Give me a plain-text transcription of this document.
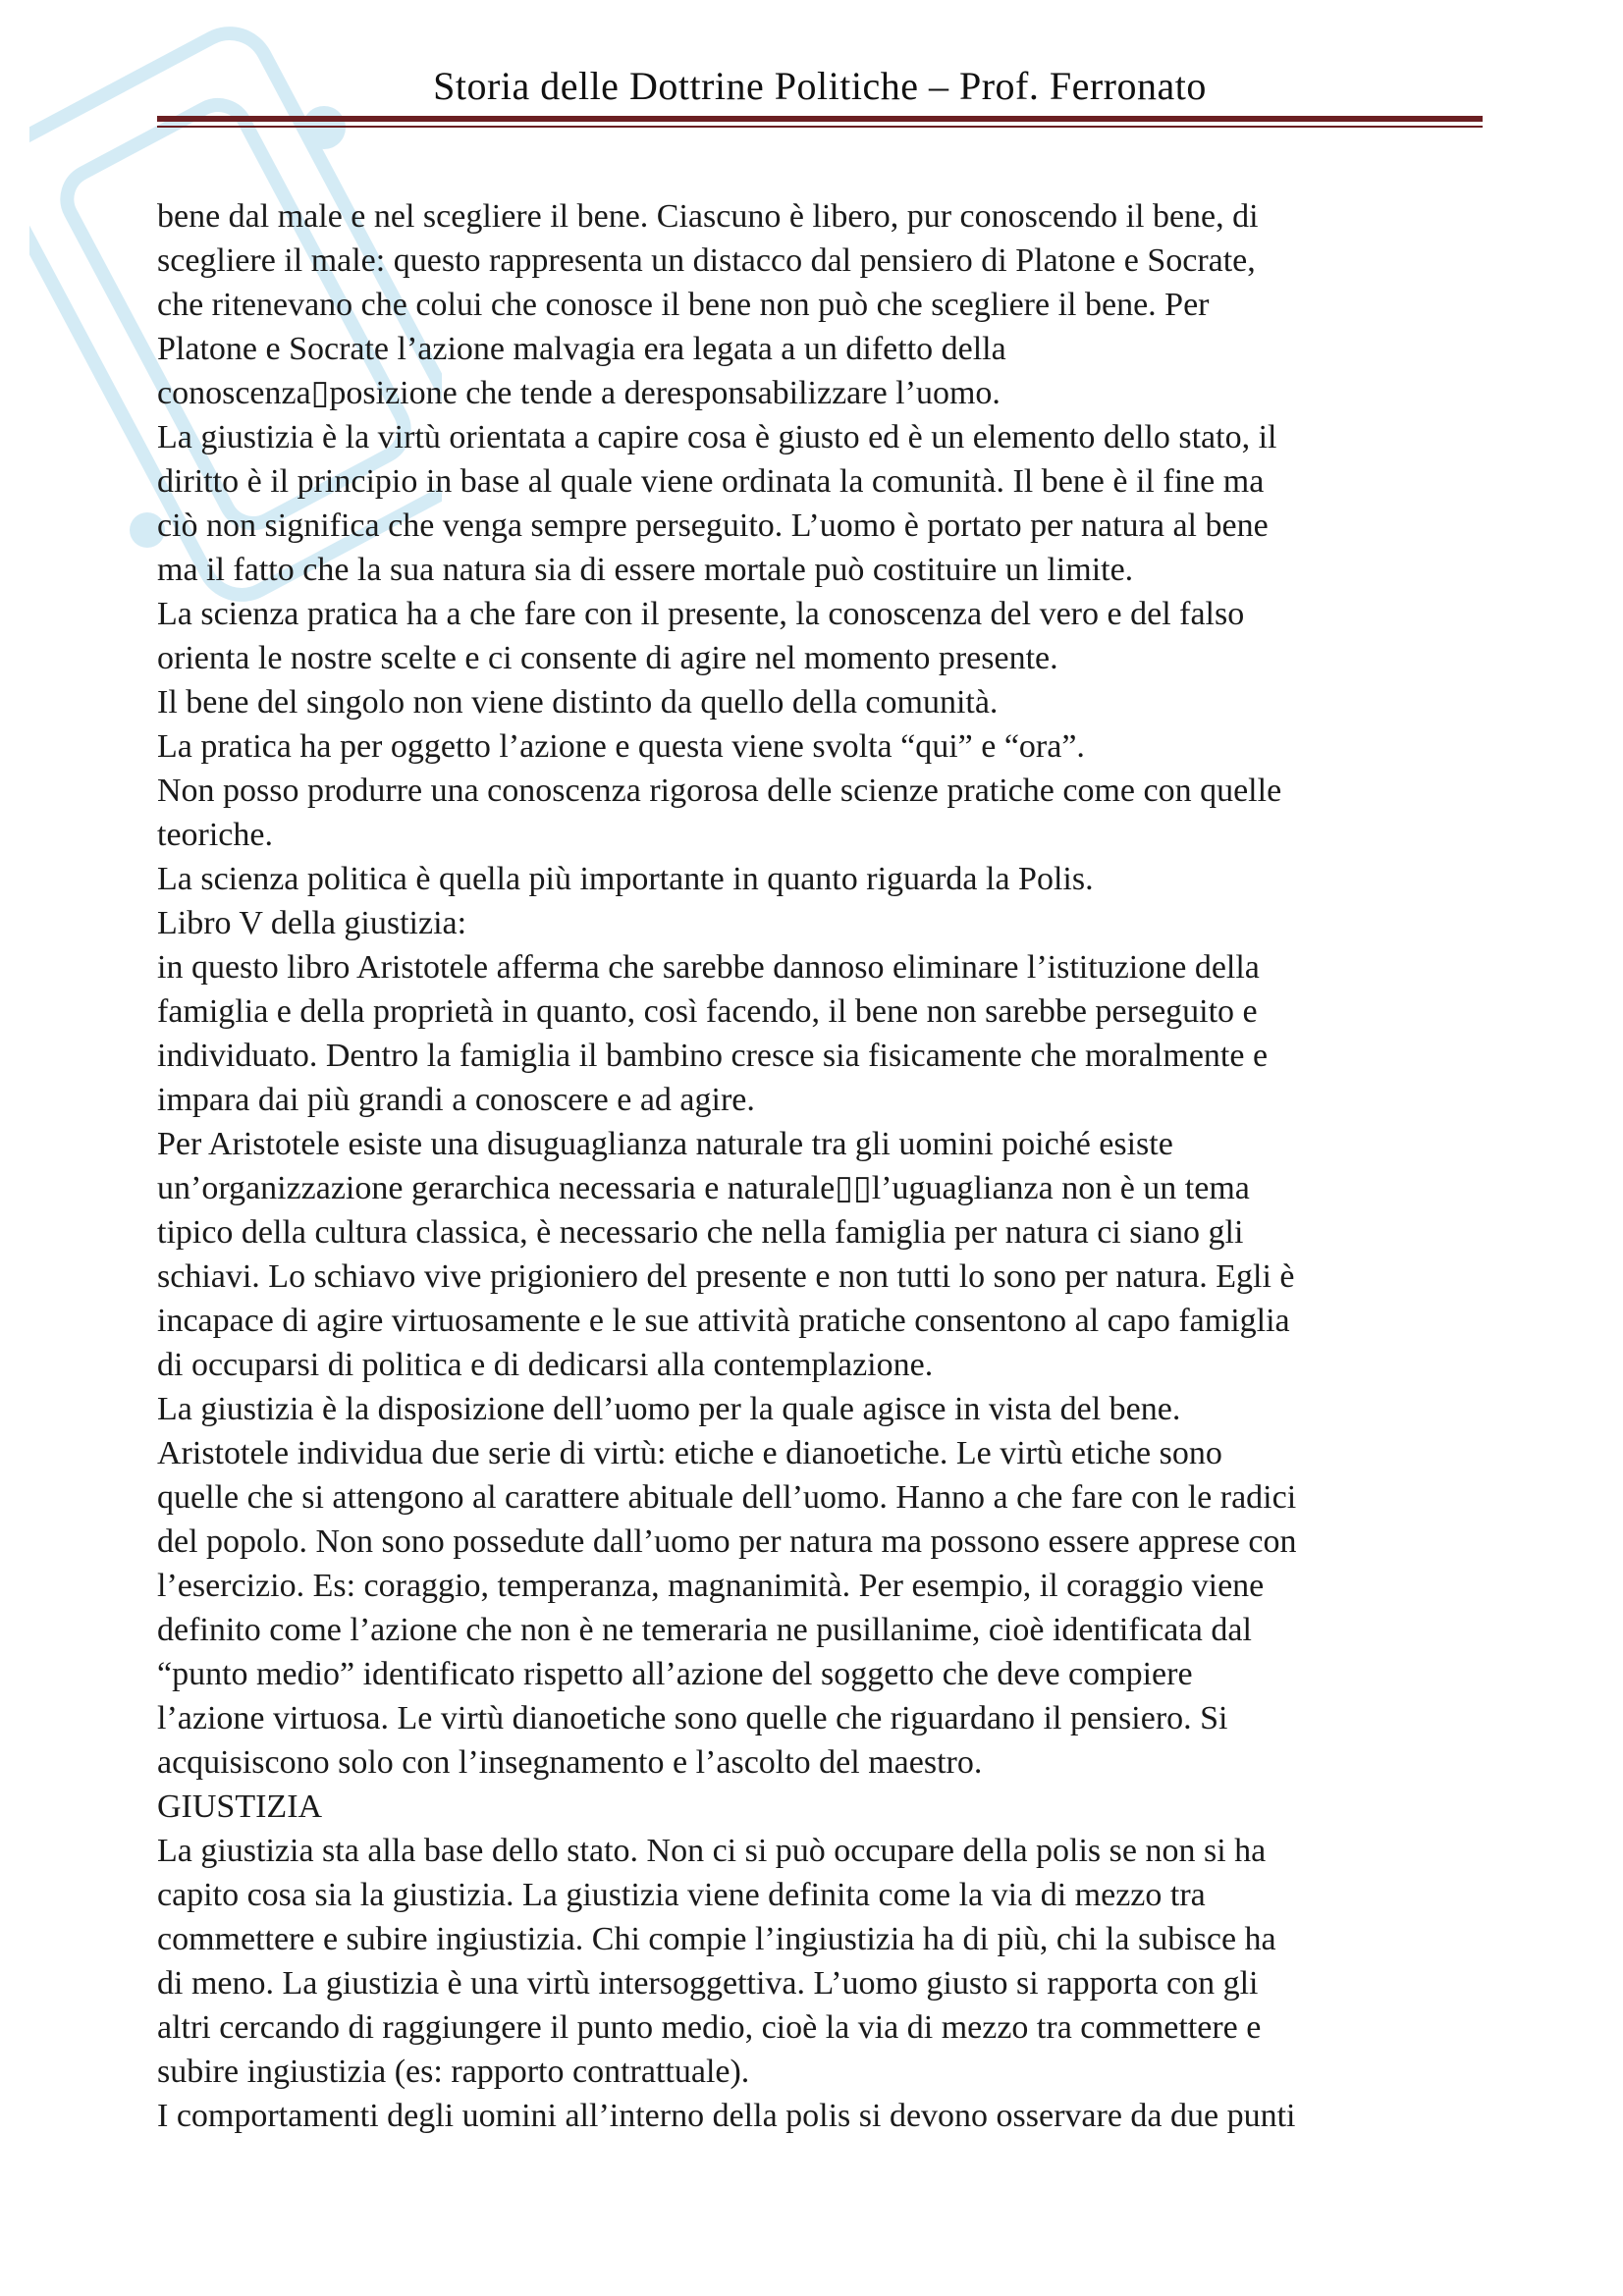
Storia delle Dottrine Politiche – Prof. Ferronato

bene dal male e nel scegliere il bene. Ciascuno è libero, pur conoscendo il bene, di

scegliere il male: questo rappresenta un distacco dal pensiero di Platone e Socrate,

che ritenevano che colui che conosce il bene non può che scegliere il bene. Per

Platone e Socrate l’azione malvagia era legata a un difetto della

conoscenza▯posizione che tende a deresponsabilizzare l’uomo.

La giustizia è la virtù orientata a capire cosa è giusto ed è un elemento dello stato, il

diritto è il principio in base al quale viene ordinata la comunità. Il bene è il fine ma

ciò non significa che venga sempre perseguito. L’uomo è portato per natura al bene

ma il fatto che la sua natura sia di essere mortale può costituire un limite.

La scienza pratica ha a che fare con il presente, la conoscenza del vero e del falso

orienta le nostre scelte e ci consente di agire nel momento presente.

Il bene del singolo non viene distinto da quello della comunità.

La pratica ha per oggetto l’azione e questa viene svolta “qui” e “ora”.

Non posso produrre una conoscenza rigorosa delle scienze pratiche come con quelle

teoriche.

La scienza politica è quella più importante in quanto riguarda la Polis.

Libro V della giustizia:

in questo libro Aristotele afferma che sarebbe dannoso eliminare l’istituzione della

famiglia e della proprietà in quanto, così facendo, il bene non sarebbe perseguito e

individuato. Dentro la famiglia il bambino cresce sia fisicamente che moralmente e

impara dai più grandi a conoscere e ad agire.

Per Aristotele esiste una disuguaglianza naturale tra gli uomini poiché esiste

un’organizzazione gerarchica necessaria e naturale▯▯l’uguaglianza non è un tema

tipico della cultura classica, è necessario che nella famiglia per natura ci siano gli

schiavi. Lo schiavo vive prigioniero del presente e non tutti lo sono per natura. Egli è

incapace di agire virtuosamente e le sue attività pratiche consentono al capo famiglia

di occuparsi di politica e di dedicarsi alla contemplazione.

La giustizia è la disposizione dell’uomo per la quale agisce in vista del bene.

Aristotele individua due serie di virtù: etiche e dianoetiche. Le virtù etiche sono

quelle che si attengono al carattere abituale dell’uomo. Hanno a che fare con le radici

del popolo. Non sono possedute dall’uomo per natura ma possono essere apprese con

l’esercizio. Es: coraggio, temperanza, magnanimità. Per esempio, il coraggio viene

definito come l’azione che non è ne temeraria ne pusillanime, cioè identificata dal

“punto medio” identificato rispetto all’azione del soggetto che deve compiere

l’azione virtuosa. Le virtù dianoetiche sono quelle che riguardano il pensiero. Si

acquisiscono solo con l’insegnamento e l’ascolto del maestro.

GIUSTIZIA

La giustizia sta alla base dello stato. Non ci si può occupare della polis se non si ha

capito cosa sia la giustizia. La giustizia viene definita come la via di mezzo tra

commettere e subire ingiustizia. Chi compie l’ingiustizia ha di più, chi la subisce ha

di meno. La giustizia è una virtù intersoggettiva. L’uomo giusto si rapporta con gli

altri cercando di raggiungere il punto medio, cioè la via di mezzo tra commettere e

subire ingiustizia (es: rapporto contrattuale).

I comportamenti degli uomini all’interno della polis si devono osservare da due punti
